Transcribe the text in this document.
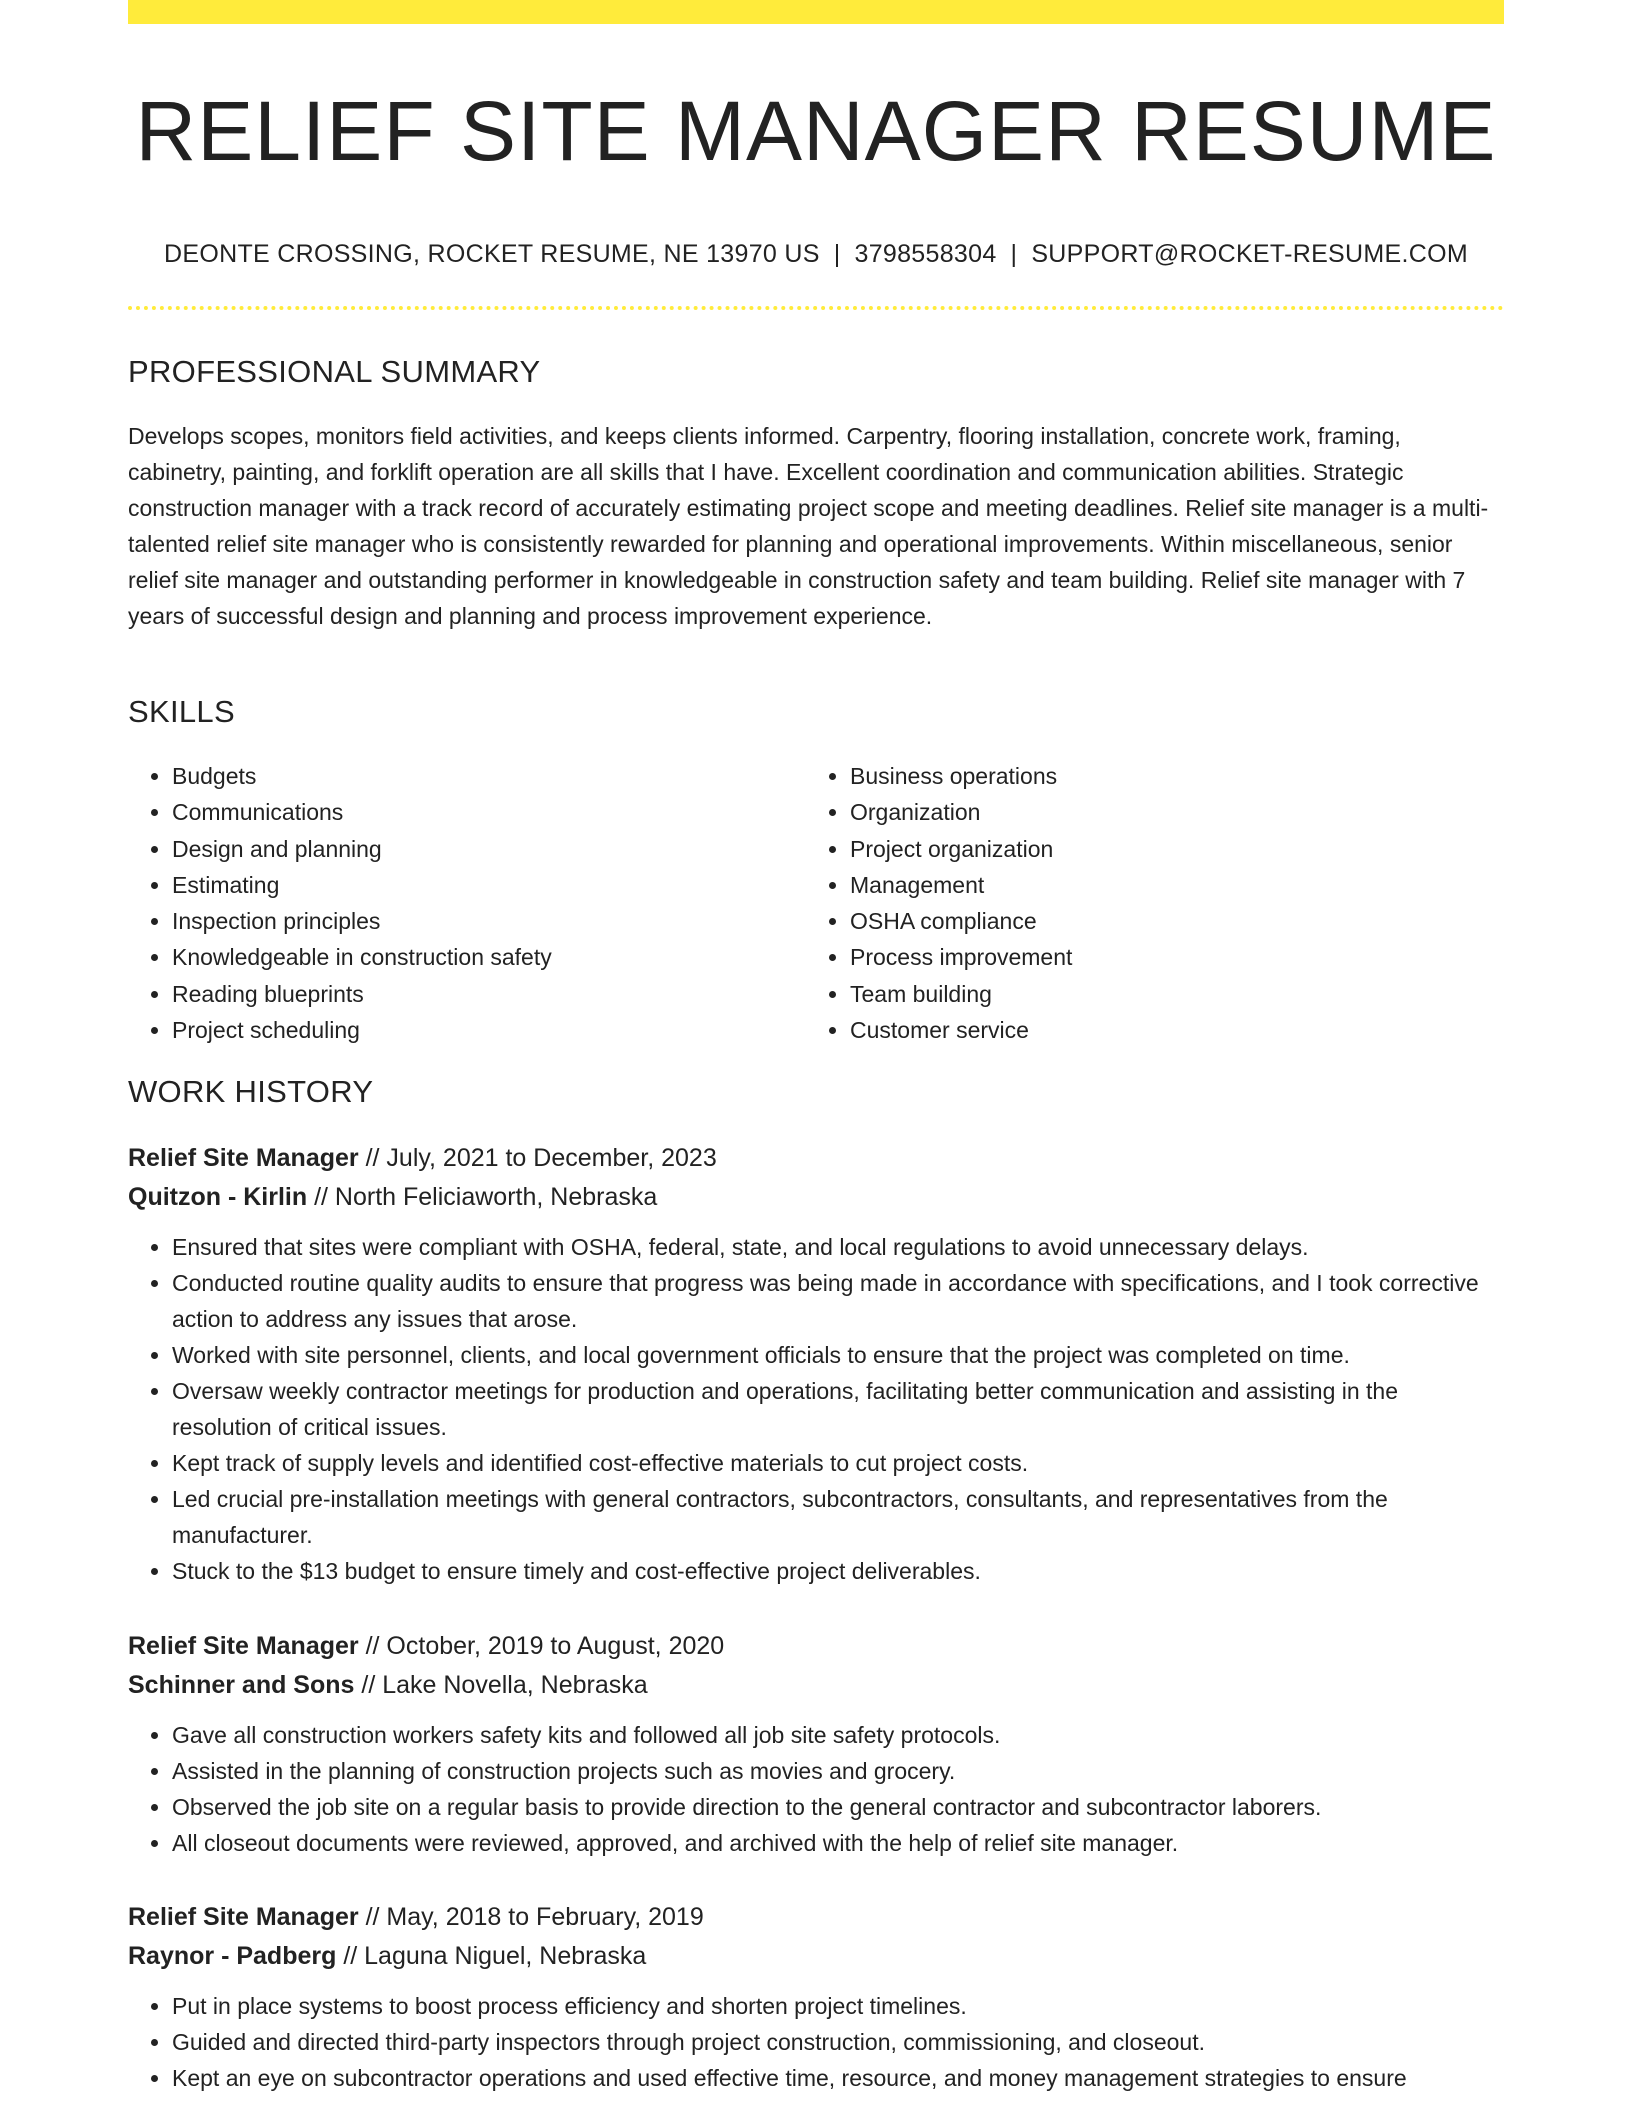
RELIEF SITE MANAGER RESUME
DEONTE CROSSING, ROCKET RESUME, NE 13970 US | 3798558304 | SUPPORT@ROCKET-RESUME.COM
PROFESSIONAL SUMMARY
Develops scopes, monitors field activities, and keeps clients informed. Carpentry, flooring installation, concrete work, framing, cabinetry, painting, and forklift operation are all skills that I have. Excellent coordination and communication abilities. Strategic construction manager with a track record of accurately estimating project scope and meeting deadlines. Relief site manager is a multi-talented relief site manager who is consistently rewarded for planning and operational improvements. Within miscellaneous, senior relief site manager and outstanding performer in knowledgeable in construction safety and team building. Relief site manager with 7 years of successful design and planning and process improvement experience.
SKILLS
• Budgets
• Communications
• Design and planning
• Estimating
• Inspection principles
• Knowledgeable in construction safety
• Reading blueprints
• Project scheduling
• Business operations
• Organization
• Project organization
• Management
• OSHA compliance
• Process improvement
• Team building
• Customer service
WORK HISTORY
Relief Site Manager // July, 2021 to December, 2023
Quitzon - Kirlin // North Feliciaworth, Nebraska
• Ensured that sites were compliant with OSHA, federal, state, and local regulations to avoid unnecessary delays.
• Conducted routine quality audits to ensure that progress was being made in accordance with specifications, and I took corrective action to address any issues that arose.
• Worked with site personnel, clients, and local government officials to ensure that the project was completed on time.
• Oversaw weekly contractor meetings for production and operations, facilitating better communication and assisting in the resolution of critical issues.
• Kept track of supply levels and identified cost-effective materials to cut project costs.
• Led crucial pre-installation meetings with general contractors, subcontractors, consultants, and representatives from the manufacturer.
• Stuck to the $13 budget to ensure timely and cost-effective project deliverables.
Relief Site Manager // October, 2019 to August, 2020
Schinner and Sons // Lake Novella, Nebraska
• Gave all construction workers safety kits and followed all job site safety protocols.
• Assisted in the planning of construction projects such as movies and grocery.
• Observed the job site on a regular basis to provide direction to the general contractor and subcontractor laborers.
• All closeout documents were reviewed, approved, and archived with the help of relief site manager.
Relief Site Manager // May, 2018 to February, 2019
Raynor - Padberg // Laguna Niguel, Nebraska
• Put in place systems to boost process efficiency and shorten project timelines.
• Guided and directed third-party inspectors through project construction, commissioning, and closeout.
• Kept an eye on subcontractor operations and used effective time, resource, and money management strategies to ensure
